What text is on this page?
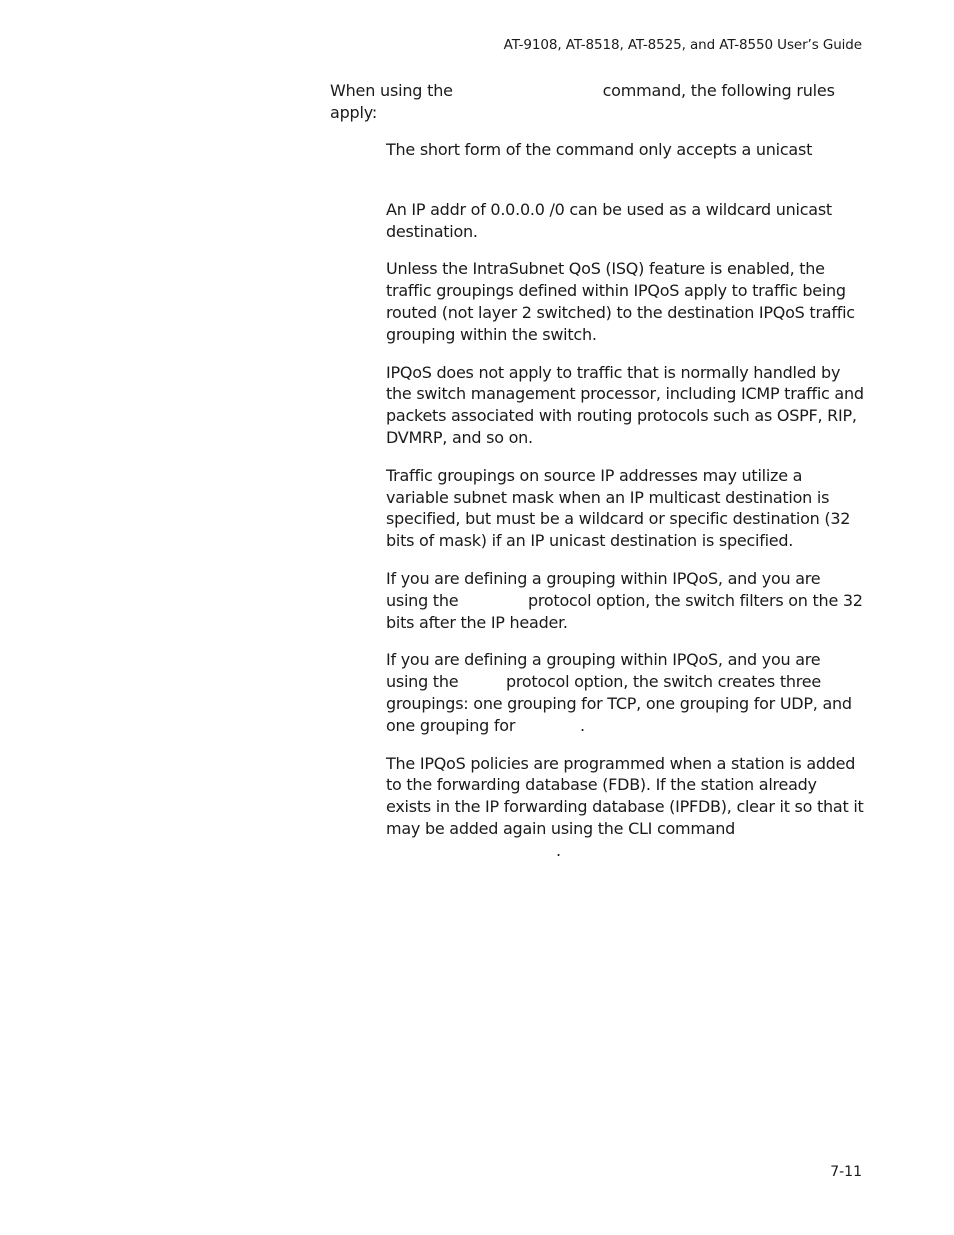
AT-9108, AT-8518, AT-8525, and AT-8550 User’s Guide

When using the	command, the following rules apply:

The short form of the command only accepts a unicast
An IP addr of 0.0.0.0 /0 can be used as a wildcard unicast destination.
Unless the IntraSubnet QoS (ISQ) feature is enabled, the traffic groupings defined within IPQoS apply to traffic being routed (not layer 2 switched) to the destination IPQoS traffic grouping within the switch.
IPQoS does not apply to traffic that is normally handled by the switch management processor, including ICMP traffic and packets associated with routing protocols such as OSPF, RIP, DVMRP, and so on.
Traffic groupings on source IP addresses may utilize a variable subnet mask when an IP multicast destination is specified, but must be a wildcard or specific destination (32 bits of mask) if an IP unicast destination is specified.
If you are defining a grouping within IPQoS, and you are using the	protocol option, the switch filters on the 32 bits after the IP header.
If you are defining a grouping within IPQoS, and you are using the  protocol option, the switch creates three groupings: one grouping for TCP, one grouping for UDP, and one grouping for	.
The IPQoS policies are programmed when a station is added to the forwarding database (FDB). If the station already exists in the IP forwarding database (IPFDB), clear it so that it may be added again using the CLI command .
7-11
